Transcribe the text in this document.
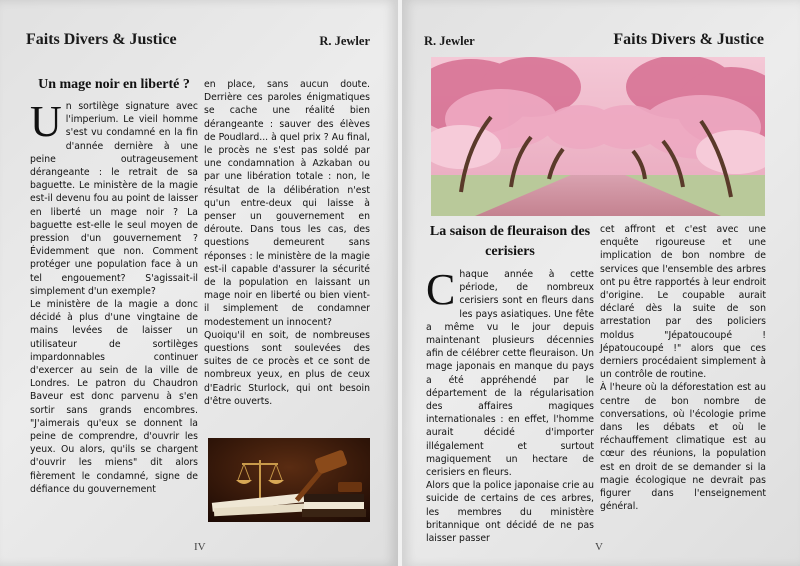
Faits Divers & Justice	R. Jewler
Un mage noir en liberté ?
U n sortilège signature avec l'imperium. Le vieil homme s'est vu condamné en la fin d'année dernière à une peine outrageusement dérangeante : le retrait de sa baguette. Le ministère de la magie est-il devenu fou au point de laisser en liberté un mage noir ? La baguette est-elle le seul moyen de pression d'un gouvernement ? Évidemment que non. Comment protéger une population face à un tel engouement? S'agissait-il simplement d'un exemple?

Le ministère de la magie a donc décidé à plus d'une vingtaine de mains levées de laisser un utilisateur de sortilèges impardonnables continuer d'exercer au sein de la ville de Londres. Le patron du Chaudron Baveur est donc parvenu à s'en sortir sans grands encombres. "J'aimerais qu'eux se donnent la peine de comprendre, d'ouvrir les yeux. Ou alors, qu'ils se chargent d'ouvrir les miens" dit alors fièrement le condamné, signe de défiance du gouvernement

en place, sans aucun doute. Derrière ces paroles énigmatiques se cache une réalité bien dérangeante : sauver des élèves de Poudlard... à quel prix ? Au final, le procès ne s'est pas soldé par une condamnation à Azkaban ou par une libération totale : non, le résultat de la délibération n'est qu'un entre-deux qui laisse à penser un gouvernement en déroute. Dans tous les cas, des questions demeurent sans réponses : le ministère de la magie est-il capable d'assurer la sécurité de la population en laissant un mage noir en liberté ou bien vient-il simplement de condamner modestement un innocent?

Quoiqu'il en soit, de nombreuses questions sont soulevées des suites de ce procès et ce sont de nombreux yeux, en plus de ceux d'Eadric Sturlock, qui ont besoin d'être ouverts.

IV
R. Jewler	Faits Divers & Justice
La saison de fleuraison des cerisiers
C haque année à cette période, de nombreux cerisiers sont en fleurs dans les pays asiatiques. Une fête a même vu le jour depuis maintenant plusieurs décennies afin de célébrer cette fleuraison. Un mage japonais en manque du pays a été appréhendé par le département de la régularisation des affaires magiques internationales : en effet, l'homme aurait décidé d'importer illégalement et surtout magiquement un hectare de cerisiers en fleurs.

Alors que la police japonaise crie au suicide de certains de ces arbres, les membres du ministère britannique ont décidé de ne pas laisser passer

cet affront et c'est avec une enquête rigoureuse et une implication de bon nombre de services que l'ensemble des arbres ont pu être rapportés à leur endroit d'origine. Le coupable aurait déclaré dès la suite de son arrestation par des policiers moldus "Jépatoucoupé ! Jépatoucoupé !" alors que ces derniers procédaient simplement à un contrôle de routine.

À l'heure où la déforestation est au centre de bon nombre de conversations, où l'écologie prime dans les débats et où le réchauffement climatique est au cœur des réunions, la population est en droit de se demander si la magie écologique ne devrait pas figurer dans l'enseignement général.

V
